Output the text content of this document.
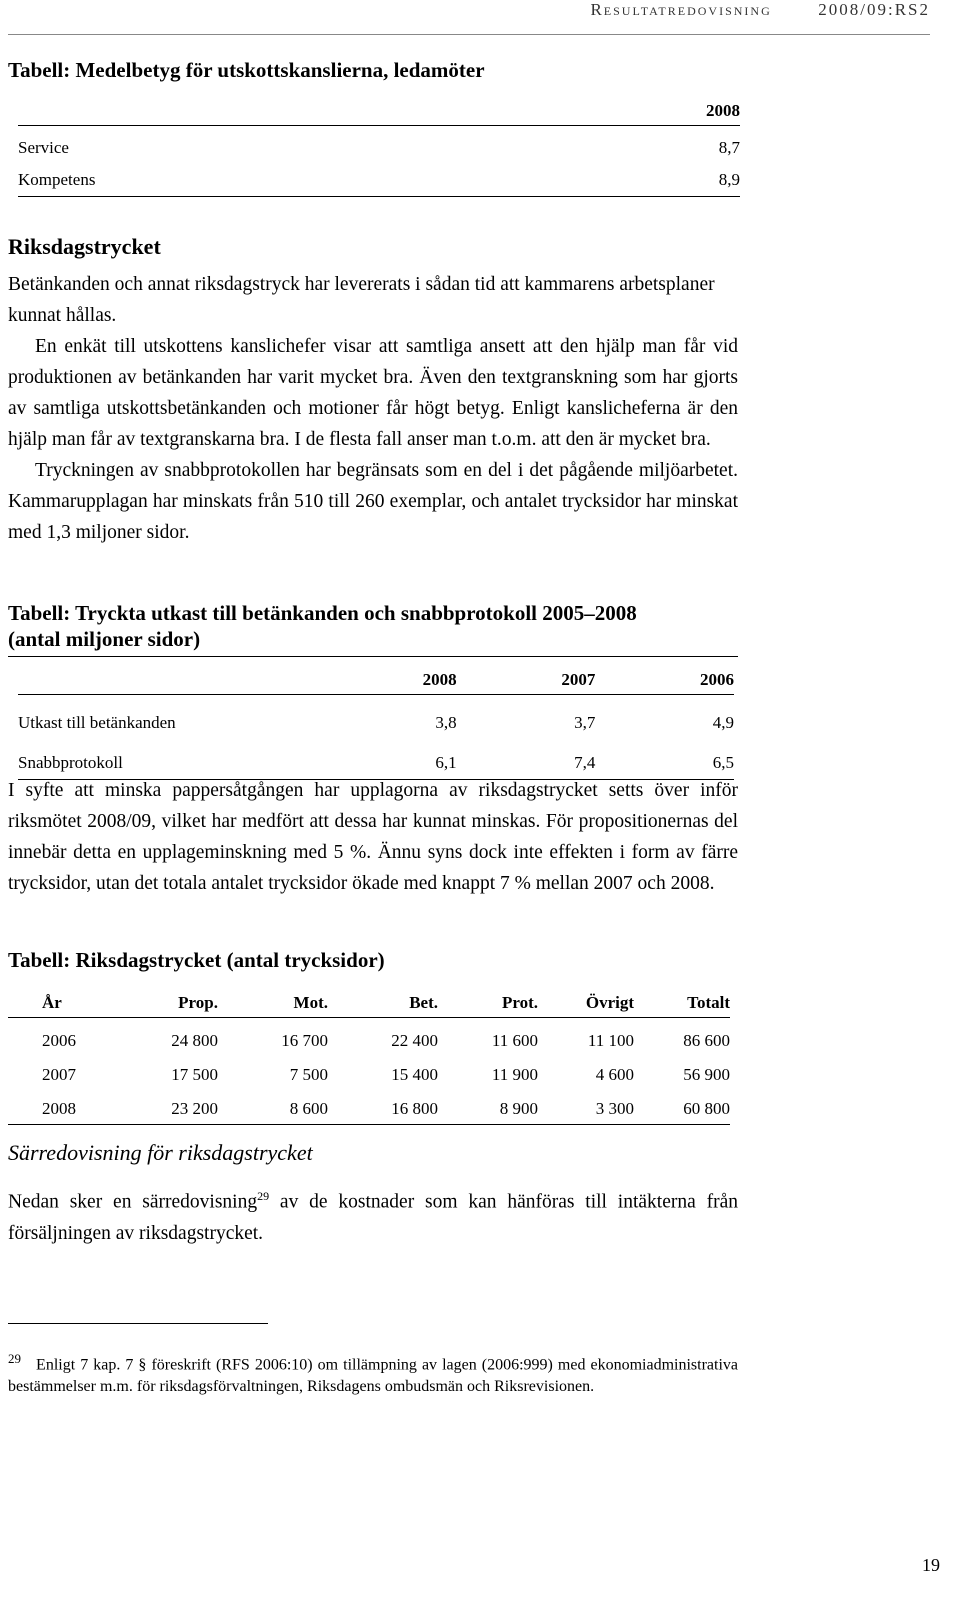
Resultatredovisning	2008/09:RS2
Tabell: Medelbetyg för utskottskanslierna, ledamöter
	2008
Service	8,7
Kompetens	8,9
Riksdagstrycket

Betänkanden och annat riksdagstryck har levererats i sådan tid att kammarens arbetsplaner kunnat hållas.

En enkät till utskottens kanslichefer visar att samtliga ansett att den hjälp man får vid produktionen av betänkanden har varit mycket bra. Även den textgranskning som har gjorts av samtliga utskottsbetänkanden och motioner får högt betyg. Enligt kanslicheferna är den hjälp man får av textgranskarna bra. I de flesta fall anser man t.o.m. att den är mycket bra.

Tryckningen av snabbprotokollen har begränsats som en del i det pågående miljöarbetet. Kammarupplagan har minskats från 510 till 260 exemplar, och antalet trycksidor har minskat med 1,3 miljoner sidor.

Tabell: Tryckta utkast till betänkanden och snabbprotokoll 2005–2008
(antal miljoner sidor)
	2008	2007	2006
Utkast till betänkanden	3,8	3,7	4,9
Snabbprotokoll	6,1	7,4	6,5

I syfte att minska pappersåtgången har upplagorna av riksdagstrycket setts över inför riksmötet 2008/09, vilket har medfört att dessa har kunnat minskas. För propositionernas del innebär detta en upplageminskning med 5 %. Ännu syns dock inte effekten i form av färre trycksidor, utan det totala antalet trycksidor ökade med knappt 7 % mellan 2007 och 2008.

Tabell: Riksdagstrycket (antal trycksidor)
År	Prop.	Mot.	Bet.	Prot.	Övrigt	Totalt
2006	24 800	16 700	22 400	11 600	11 100	86 600
2007	17 500	7 500	15 400	11 900	4 600	56 900
2008	23 200	8 600	16 800	8 900	3 300	60 800
Särredovisning för riksdagstrycket

Nedan sker en särredovisning$^{29}$ av de kostnader som kan hänföras till intäkterna från försäljningen av riksdagstrycket.

$^{29}$ Enligt 7 kap. 7 § föreskrift (RFS 2006:10) om tillämpning av lagen (2006:999) med ekonomiadministrativa bestämmelser m.m. för riksdagsförvaltningen, Riksdagens ombudsmän och Riksrevisionen.

19
